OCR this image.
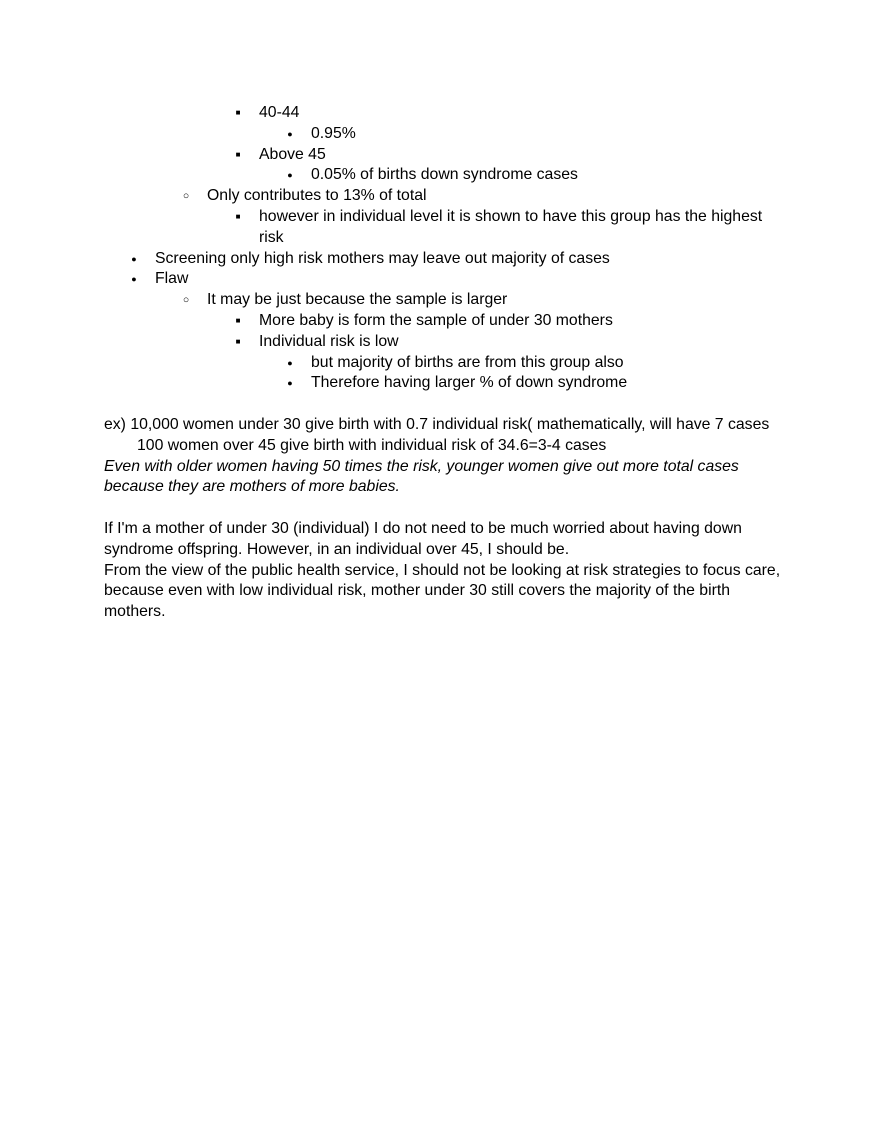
■ 40-44
● 0.95%
■ Above 45
● 0.05% of births down syndrome cases
○ Only contributes to 13% of total
■ however in individual level it is shown to have this group has the highest risk
● Screening only high risk mothers may leave out majority of cases
● Flaw
○ It may be just because the sample is larger
■ More baby is form the sample of under 30 mothers
■ Individual risk is low
● but majority of births are from this group also
● Therefore having larger % of down syndrome
ex) 10,000 women under 30 give birth with 0.7 individual risk( mathematically, will have 7 cases
100 women over 45 give birth with individual risk of 34.6=3-4 cases
Even with older women having 50 times the risk, younger women give out more total cases because they are mothers of more babies.
If I'm a mother of under 30 (individual) I do not need to be much worried about having down syndrome offspring. However, in an individual over 45, I should be.
From the view of the public health service, I should not be looking at risk strategies to focus care, because even with low individual risk, mother under 30 still covers the majority of the birth mothers.
